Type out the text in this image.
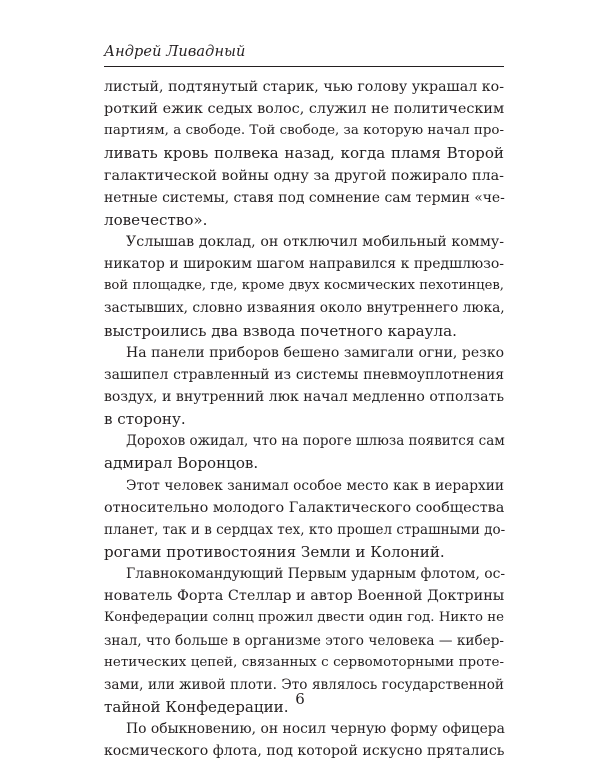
Андрей Ливадный
листый, подтянутый старик, чью голову украшал ко-
роткий ежик седых волос, служил не политическим
партиям, а свободе. Той свободе, за которую начал про-
ливать кровь полвека назад, когда пламя Второй
галактической войны одну за другой пожирало пла-
нетные системы, ставя под сомнение сам термин «че-
ловечество».
Услышав доклад, он отключил мобильный комму-
никатор и широким шагом направился к предшлюзо-
вой площадке, где, кроме двух космических пехотинцев,
застывших, словно изваяния около внутреннего люка,
выстроились два взвода почетного караула.
На панели приборов бешено замигали огни, резко
зашипел стравленный из системы пневмоуплотнения
воздух, и внутренний люк начал медленно отползать
в сторону.
Дорохов ожидал, что на пороге шлюза появится сам
адмирал Воронцов.
Этот человек занимал особое место как в иерархии
относительно молодого Галактического сообщества
планет, так и в сердцах тех, кто прошел страшными до-
рогами противостояния Земли и Колоний.
Главнокомандующий Первым ударным флотом, ос-
нователь Форта Стеллар и автор Военной Доктрины
Конфедерации солнц прожил двести один год. Никто не
знал, что больше в организме этого человека — кибер-
нетических цепей, связанных с сервомоторными проте-
зами, или живой плоти. Это являлось государственной
тайной Конфедерации.
По обыкновению, он носил черную форму офицера
космического флота, под которой искусно прятались
6
